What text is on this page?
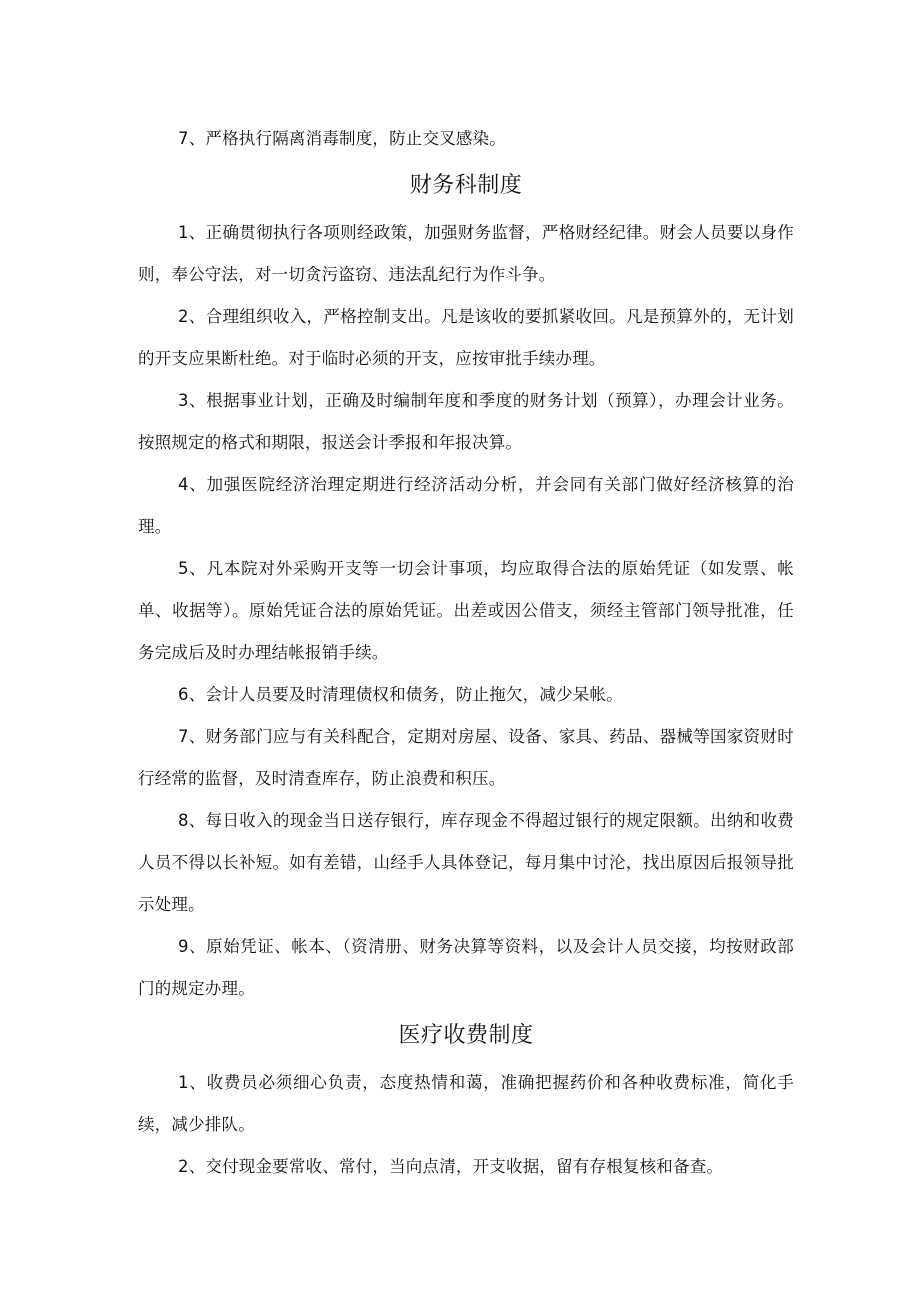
7、严格执行隔离消毒制度，防止交叉感染。

财务科制度

1、正确贯彻执行各项则经政策，加强财务监督，严格财经纪律。财会人员要以身作则，奉公守法，对一切贪污盗窃、违法乱纪行为作斗争。

2、合理组织收入，严格控制支出。凡是该收的要抓紧收回。凡是预算外的，无计划的开支应果断杜绝。对于临时必须的开支，应按审批手续办理。

3、根据事业计划，正确及时编制年度和季度的财务计划（预算），办理会计业务。按照规定的格式和期限，报送会计季报和年报决算。

4、加强医院经济治理定期进行经济活动分析，并会同有关部门做好经济核算的治理。

5、凡本院对外采购开支等一切会计事项，均应取得合法的原始凭证（如发票、帐单、收据等）。原始凭证合法的原始凭证。出差或因公借支，须经主管部门领导批准，任务完成后及时办理结帐报销手续。

6、会计人员要及时清理债权和债务，防止拖欠，减少呆帐。

7、财务部门应与有关科配合，定期对房屋、设备、家具、药品、器械等国家资财时行经常的监督，及时清查库存，防止浪费和积压。

8、每日收入的现金当日送存银行，库存现金不得超过银行的规定限额。出纳和收费人员不得以长补短。如有差错，山经手人具体登记，每月集中讨沦，找出原因后报领导批示处理。

9、原始凭证、帐本、（资清册、财务决算等资料，以及会计人员交接，均按财政部门的规定办理。

医疗收费制度

1、收费员必须细心负责，态度热情和蔼，准确把握药价和各种收费标准，简化手续，减少排队。

2、交付现金要常收、常付，当向点清，开支收据，留有存根复核和备查。
